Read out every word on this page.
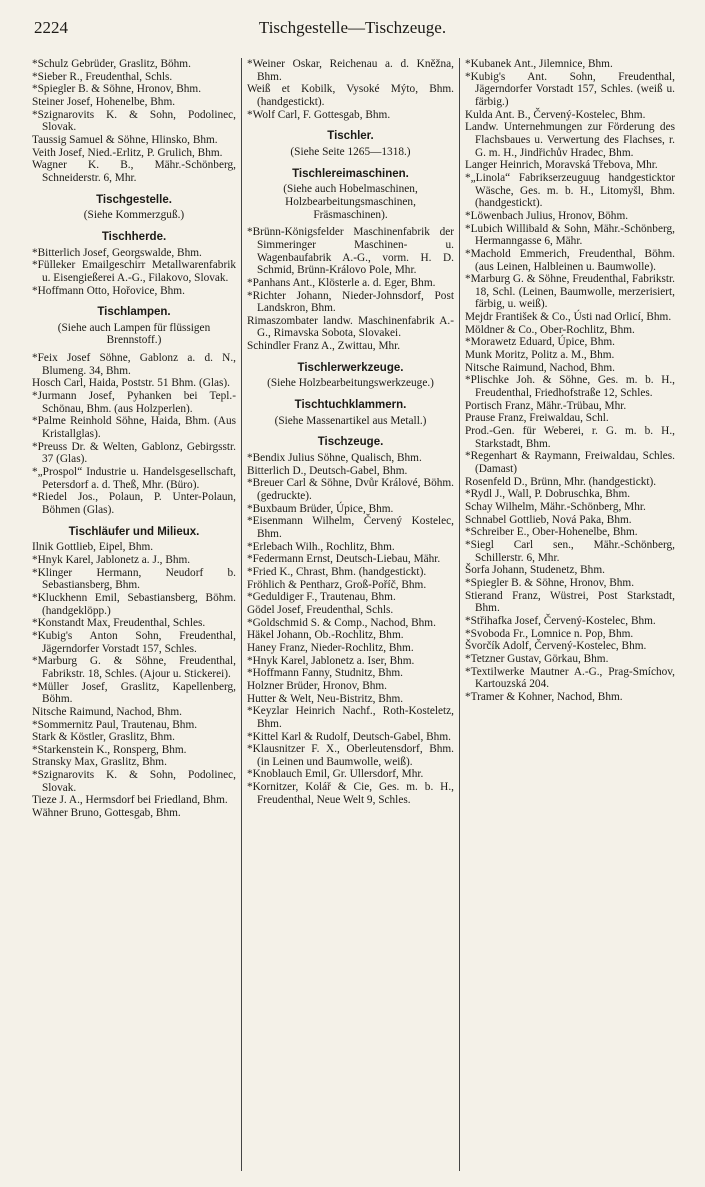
2224	Tischgestelle—Tischzeuge.

*Schulz Gebrüder, Graslitz, Böhm.

*Sieber R., Freudenthal, Schls.

*Spiegler B. & Söhne, Hronov, Bhm.

Steiner Josef, Hohenelbe, Bhm.

*Szignarovits K. & Sohn, Podolinec, Slovak.

Taussig Samuel & Söhne, Hlinsko, Bhm.

Veith Josef, Nied.-Erlitz, P. Grulich, Bhm.

Wagner K. B., Mähr.-Schönberg, Schneiderstr. 6, Mhr.

Tischgestelle.
(Siehe Kommerzguß.)
Tischherde.

*Bitterlich Josef, Georgswalde, Bhm.

*Fülleker Emailgeschirr Metallwarenfabrik u. Eisengießerei A.-G., Filakovo, Slovak.

*Hoffmann Otto, Hořovice, Bhm.

Tischlampen.
(Siehe auch Lampen für flüssigen Brennstoff.)

*Feix Josef Söhne, Gablonz a. d. N., Blumeng. 34, Bhm.

Hosch Carl, Haida, Poststr. 51 Bhm. (Glas).

*Jurmann Josef, Pyhanken bei Tepl.-Schönau, Bhm. (aus Holzperlen).

*Palme Reinhold Söhne, Haida, Bhm. (Aus Kristallglas).

*Preuss Dr. & Welten, Gablonz, Gebirgsstr. 37 (Glas).

*„Prospol“ Industrie u. Handelsgesellschaft, Petersdorf a. d. Theß, Mhr. (Büro).

*Riedel Jos., Polaun, P. Unter-Polaun, Böhmen (Glas).

Tischläufer und Milieux.

Ilnik Gottlieb, Eipel, Bhm.

*Hnyk Karel, Jablonetz a. J., Bhm.

*Klinger Hermann, Neudorf b. Sebastiansberg, Bhm.

*Kluckhenn Emil, Sebastiansberg, Böhm. (handgeklöpp.)

*Konstandt Max, Freudenthal, Schles.

*Kubig's Anton Sohn, Freudenthal, Jägerndorfer Vorstadt 157, Schles.

*Marburg G. & Söhne, Freudenthal, Fabrikstr. 18, Schles. (Ajour u. Stickerei).

*Müller Josef, Graslitz, Kapellenberg, Böhm.

Nitsche Raimund, Nachod, Bhm.

*Sommernitz Paul, Trautenau, Bhm.

Stark & Köstler, Graslitz, Bhm.

*Starkenstein K., Ronsperg, Bhm.

Stransky Max, Graslitz, Bhm.

*Szignarovits K. & Sohn, Podolinec, Slovak.

Tieze J. A., Hermsdorf bei Friedland, Bhm.

Wähner Bruno, Gottesgab, Bhm.

*Weiner Oskar, Reichenau a. d. Kněžna, Bhm.

Weiß et Kobilk, Vysoké Mýto, Bhm. (handgestickt).

*Wolf Carl, F. Gottesgab, Bhm.

Tischler.
(Siehe Seite 1265—1318.)
Tischlereimaschinen.
(Siehe auch Hobelmaschinen, Holzbearbeitungsmaschinen, Fräsmaschinen).

*Brünn-Königsfelder Maschinenfabrik der Simmeringer Maschinen- u. Wagenbaufabrik A.-G., vorm. H. D. Schmid, Brünn-Královo Pole, Mhr.

*Panhans Ant., Klösterle a. d. Eger, Bhm.

*Richter Johann, Nieder-Johnsdorf, Post Landskron, Bhm.

Rimaszombater landw. Maschinenfabrik A.-G., Rimavska Sobota, Slovakei.

Schindler Franz A., Zwittau, Mhr.

Tischlerwerkzeuge.
(Siehe Holzbearbeitungswerkzeuge.)
Tischtuchklammern.
(Siehe Massenartikel aus Metall.)
Tischzeuge.

*Bendix Julius Söhne, Qualisch, Bhm.

Bitterlich D., Deutsch-Gabel, Bhm.

*Breuer Carl & Söhne, Dvůr Králové, Böhm. (gedruckte).

*Buxbaum Brüder, Úpice, Bhm.

*Eisenmann Wilhelm, Červený Kostelec, Bhm.

*Erlebach Wilh., Rochlitz, Bhm.

*Federmann Ernst, Deutsch-Liebau, Mähr.

*Fried K., Chrast, Bhm. (handgestickt).

Fröhlich & Pentharz, Groß-Poříč, Bhm.

*Geduldiger F., Trautenau, Bhm.

Gödel Josef, Freudenthal, Schls.

*Goldschmid S. & Comp., Nachod, Bhm.

Häkel Johann, Ob.-Rochlitz, Bhm.

Haney Franz, Nieder-Rochlitz, Bhm.

*Hnyk Karel, Jablonetz a. Iser, Bhm.

*Hoffmann Fanny, Studnitz, Bhm.

Holzner Brüder, Hronov, Bhm.

Hutter & Welt, Neu-Bistritz, Bhm.

*Keyzlar Heinrich Nachf., Roth-Kosteletz, Bhm.

*Kittel Karl & Rudolf, Deutsch-Gabel, Bhm.

*Klausnitzer F. X., Oberleutensdorf, Bhm. (in Leinen und Baumwolle, weiß).

*Knoblauch Emil, Gr. Ullersdorf, Mhr.

*Kornitzer, Kolář & Cie, Ges. m. b. H., Freudenthal, Neue Welt 9, Schles.

*Kubanek Ant., Jilemnice, Bhm.

*Kubig's Ant. Sohn, Freudenthal, Jägerndorfer Vorstadt 157, Schles. (weiß u. färbig.)

Kulda Ant. B., Červený-Kostelec, Bhm.

Landw. Unternehmungen zur Förderung des Flachsbaues u. Verwertung des Flachses, r. G. m. H., Jindřichův Hradec, Bhm.

Langer Heinrich, Moravská Třebova, Mhr.

*„Linola“ Fabrikserzeuguug handgesticktor Wäsche, Ges. m. b. H., Litomyšl, Bhm. (handgestickt).

*Löwenbach Julius, Hronov, Böhm.

*Lubich Willibald & Sohn, Mähr.-Schönberg, Hermanngasse 6, Mähr.

*Machold Emmerich, Freudenthal, Böhm. (aus Leinen, Halbleinen u. Baumwolle).

*Marburg G. & Söhne, Freudenthal, Fabrikstr. 18, Schl. (Leinen, Baumwolle, merzerisiert, färbig, u. weiß).

Mejdr František & Co., Ústi nad Orlicí, Bhm.

Möldner & Co., Ober-Rochlitz, Bhm.

*Morawetz Eduard, Úpice, Bhm.

Munk Moritz, Politz a. M., Bhm.

Nitsche Raimund, Nachod, Bhm.

*Plischke Joh. & Söhne, Ges. m. b. H., Freudenthal, Friedhofstraße 12, Schles.

Portisch Franz, Mähr.-Trübau, Mhr.

Prause Franz, Freiwaldau, Schl.

Prod.-Gen. für Weberei, r. G. m. b. H., Starkstadt, Bhm.

*Regenhart & Raymann, Freiwaldau, Schles. (Damast)

Rosenfeld D., Brünn, Mhr. (handgestickt).

*Rydl J., Wall, P. Dobruschka, Bhm.

Schay Wilhelm, Mähr.-Schönberg, Mhr.

Schnabel Gottlieb, Nová Paka, Bhm.

*Schreiber E., Ober-Hohenelbe, Bhm.

*Siegl Carl sen., Mähr.-Schönberg, Schillerstr. 6, Mhr.

Šorfa Johann, Studenetz, Bhm.

*Spiegler B. & Söhne, Hronov, Bhm.

Stierand Franz, Wüstrei, Post Starkstadt, Bhm.

*Střihafka Josef, Červený-Kostelec, Bhm.

*Svoboda Fr., Lomnice n. Pop, Bhm.

Švorčík Adolf, Červený-Kostelec, Bhm.

*Tetzner Gustav, Görkau, Bhm.

*Textilwerke Mautner A.-G., Prag-Smíchov, Kartouzská 204.

*Tramer & Kohner, Nachod, Bhm.
